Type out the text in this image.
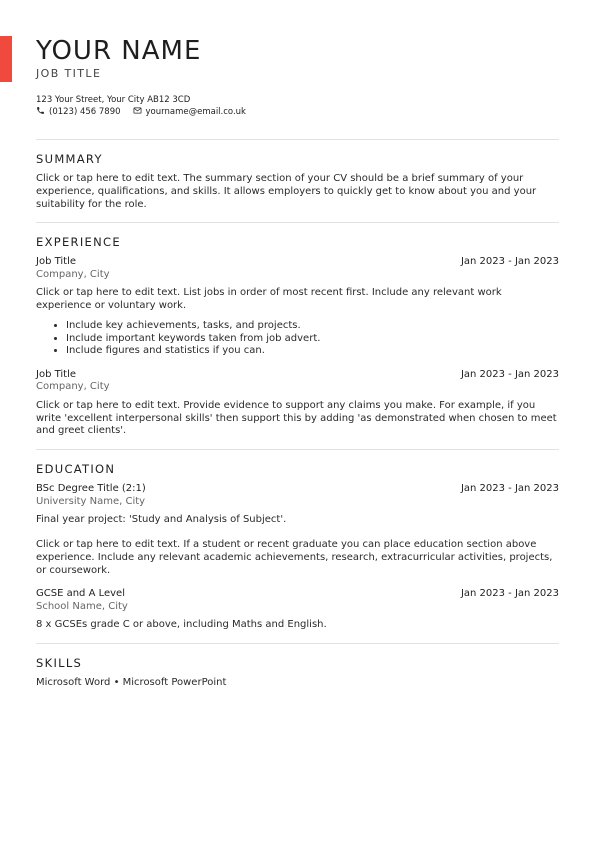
YOUR NAME
JOB TITLE
123 Your Street, Your City AB12 3CD
(0123) 456 7890	yourname@email.co.uk
SUMMARY

Click or tap here to edit text. The summary section of your CV should be a brief summary of your experience, qualifications, and skills. It allows employers to quickly get to know about you and your suitability for the role.

EXPERIENCE
Job Title	Jan 2023 - Jan 2023
Company, City

Click or tap here to edit text. List jobs in order of most recent first. Include any relevant work experience or voluntary work.

• Include key achievements, tasks, and projects.
• Include important keywords taken from job advert.
• Include figures and statistics if you can.
Job Title	Jan 2023 - Jan 2023
Company, City

Click or tap here to edit text. Provide evidence to support any claims you make. For example, if you write 'excellent interpersonal skills' then support this by adding 'as demonstrated when chosen to meet and greet clients'.

EDUCATION
BSc Degree Title (2:1)	Jan 2023 - Jan 2023
University Name, City

Final year project: 'Study and Analysis of Subject'.

Click or tap here to edit text. If a student or recent graduate you can place education section above experience. Include any relevant academic achievements, research, extracurricular activities, projects, or coursework.

GCSE and A Level	Jan 2023 - Jan 2023
School Name, City

8 x GCSEs grade C or above, including Maths and English.

SKILLS

Microsoft Word • Microsoft PowerPoint
